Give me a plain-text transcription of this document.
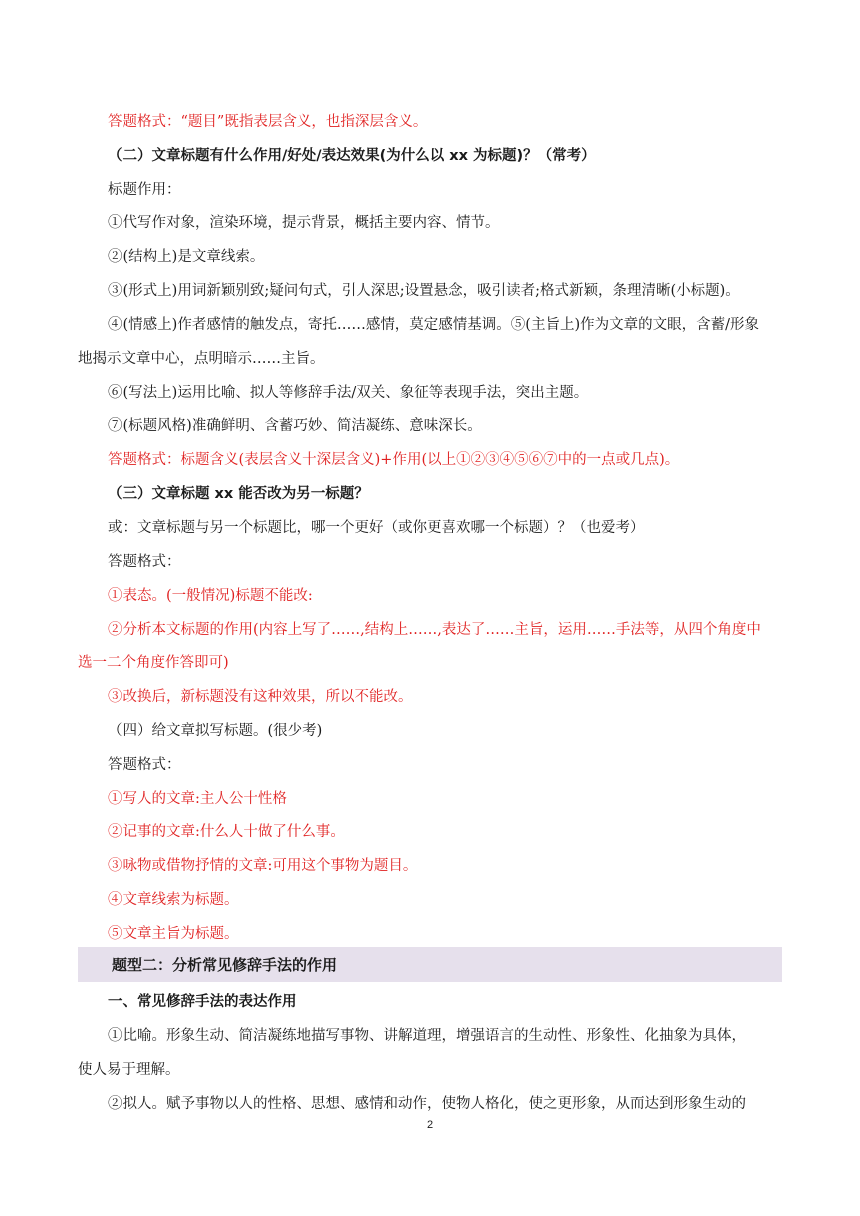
答题格式：“题目”既指表层含义，也指深层含义。
（二）文章标题有什么作用/好处/表达效果(为什么以 xx 为标题)？（常考）
标题作用：
①代写作对象，渲染环境，提示背景，概括主要内容、情节。
②(结构上)是文章线索。
③(形式上)用词新颖别致;疑问句式，引人深思;设置悬念，吸引读者;格式新颖，条理清晰(小标题)。
④(情感上)作者感情的触发点，寄托……感情，莫定感情基调。⑤(主旨上)作为文章的文眼，含蓄/形象
地揭示文章中心，点明暗示……主旨。
⑥(写法上)运用比喻、拟人等修辞手法/双关、象征等表现手法，突出主题。
⑦(标题风格)准确鲜明、含蓄巧妙、简洁凝练、意味深长。
答题格式：标题含义(表层含义十深层含义)+作用(以上①②③④⑤⑥⑦中的一点或几点)。
（三）文章标题 xx 能否改为另一标题？
或：文章标题与另一个标题比，哪一个更好（或你更喜欢哪一个标题）？（也爱考）
答题格式：
①表态。(一般情况)标题不能改:
②分析本文标题的作用(内容上写了……,结构上……,表达了……主旨，运用……手法等，从四个角度中
选一二个角度作答即可)
③改换后，新标题没有这种效果，所以不能改。
（四）给文章拟写标题。(很少考)
答题格式：
①写人的文章:主人公十性格
②记事的文章:什么人十做了什么事。
③咏物或借物抒情的文章:可用这个事物为题目。
④文章线索为标题。
⑤文章主旨为标题。
题型二：分析常见修辞手法的作用
一、常见修辞手法的表达作用
①比喻。形象生动、简洁凝练地描写事物、讲解道理，增强语言的生动性、形象性、化抽象为具体，
使人易于理解。
②拟人。赋予事物以人的性格、思想、感情和动作，使物人格化，使之更形象，从而达到形象生动的
2
